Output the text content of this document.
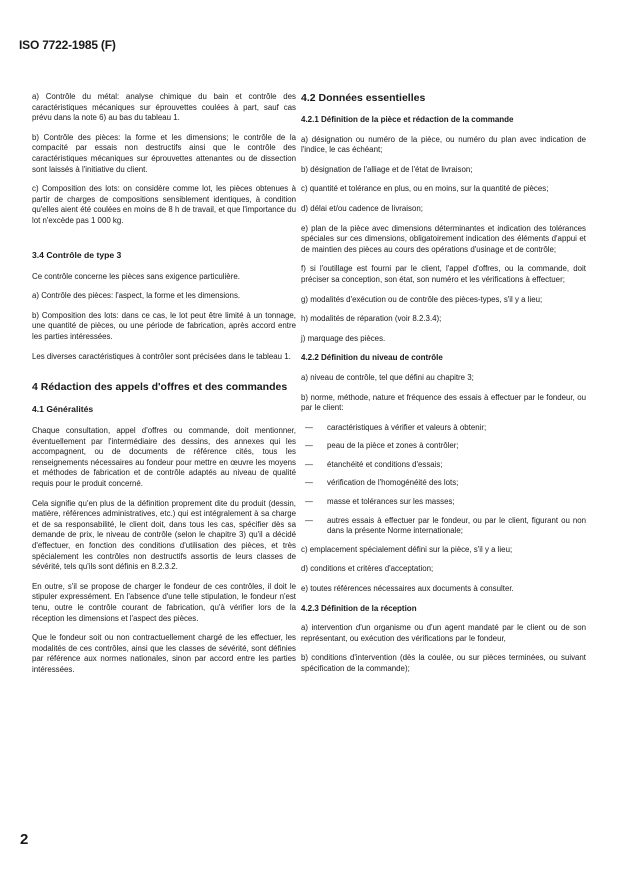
ISO 7722-1985 (F)

a) Contrôle du métal: analyse chimique du bain et contrôle des caractéristiques mécaniques sur éprouvettes coulées à part, sauf cas prévu dans la note 6) au bas du tableau 1.

b) Contrôle des pièces: la forme et les dimensions; le contrôle de la compacité par essais non destructifs ainsi que le contrôle des caractéristiques mécaniques sur éprouvettes attenantes ou de dissection sont laissés à l'initiative du client.

c) Composition des lots: on considère comme lot, les pièces obtenues à partir de charges de compositions sensiblement identiques, à condition qu'elles aient été coulées en moins de 8 h de travail, et que l'importance du lot n'excède pas 1 000 kg.

3.4 Contrôle de type 3

Ce contrôle concerne les pièces sans exigence particulière.

a) Contrôle des pièces: l'aspect, la forme et les dimensions.

b) Composition des lots: dans ce cas, le lot peut être limité à un tonnage, une quantité de pièces, ou une période de fabrication, après accord entre les parties intéressées.

Les diverses caractéristiques à contrôler sont précisées dans le tableau 1.

4 Rédaction des appels d'offres et des commandes
4.1 Généralités

Chaque consultation, appel d'offres ou commande, doit mentionner, éventuellement par l'intermédiaire des dessins, des annexes qui les accompagnent, ou de documents de référence cités, tous les renseignements nécessaires au fondeur pour mettre en œuvre les moyens et méthodes de fabrication et de contrôle adaptés au niveau de qualité requis pour le produit concerné.

Cela signifie qu'en plus de la définition proprement dite du produit (dessin, matière, références administratives, etc.) qui est intégralement à sa charge et de sa responsabilité, le client doit, dans tous les cas, spécifier dès sa demande de prix, le niveau de contrôle (selon le chapitre 3) qu'il a décidé d'effectuer, en fonction des conditions d'utilisation des pièces, et très spécialement les contrôles non destructifs assortis de leurs classes de sévérité, tels qu'ils sont définis en 8.2.3.2.

En outre, s'il se propose de charger le fondeur de ces contrôles, il doit le stipuler expressément. En l'absence d'une telle stipulation, le fondeur n'est tenu, outre le contrôle courant de fabrication, qu'à vérifier lors de la réception les dimensions et l'aspect des pièces.

Que le fondeur soit ou non contractuellement chargé de les effectuer, les modalités de ces contrôles, ainsi que les classes de sévérité, sont définies par référence aux normes nationales, sinon par accord entre les parties intéressées.

4.2 Données essentielles
4.2.1 Définition de la pièce et rédaction de la commande

a) désignation ou numéro de la pièce, ou numéro du plan avec indication de l'indice, le cas échéant;

b) désignation de l'alliage et de l'état de livraison;

c) quantité et tolérance en plus, ou en moins, sur la quantité de pièces;

d) délai et/ou cadence de livraison;

e) plan de la pièce avec dimensions déterminantes et indication des tolérances spéciales sur ces dimensions, obligatoirement indication des éléments d'appui et de maintien des pièces au cours des opérations d'usinage et de contrôle;

f) si l'outillage est fourni par le client, l'appel d'offres, ou la commande, doit préciser sa conception, son état, son numéro et les vérifications à effectuer;

g) modalités d'exécution ou de contrôle des pièces-types, s'il y a lieu;

h) modalités de réparation (voir 8.2.3.4);

j) marquage des pièces.

4.2.2 Définition du niveau de contrôle

a) niveau de contrôle, tel que défini au chapitre 3;

b) norme, méthode, nature et fréquence des essais à effectuer par le fondeur, ou par le client:

—	caractéristiques à vérifier et valeurs à obtenir;
—	peau de la pièce et zones à contrôler;
—	étanchéité et conditions d'essais;
—	vérification de l'homogénéité des lots;
—	masse et tolérances sur les masses;
—	autres essais à effectuer par le fondeur, ou par le client, figurant ou non dans la présente Norme internationale;

c) emplacement spécialement défini sur la pièce, s'il y a lieu;

d) conditions et critères d'acceptation;

e) toutes références nécessaires aux documents à consulter.

4.2.3 Définition de la réception

a) intervention d'un organisme ou d'un agent mandaté par le client ou de son représentant, ou exécution des vérifications par le fondeur,

b) conditions d'intervention (dès la coulée, ou sur pièces terminées, ou suivant spécification de la commande);

2
